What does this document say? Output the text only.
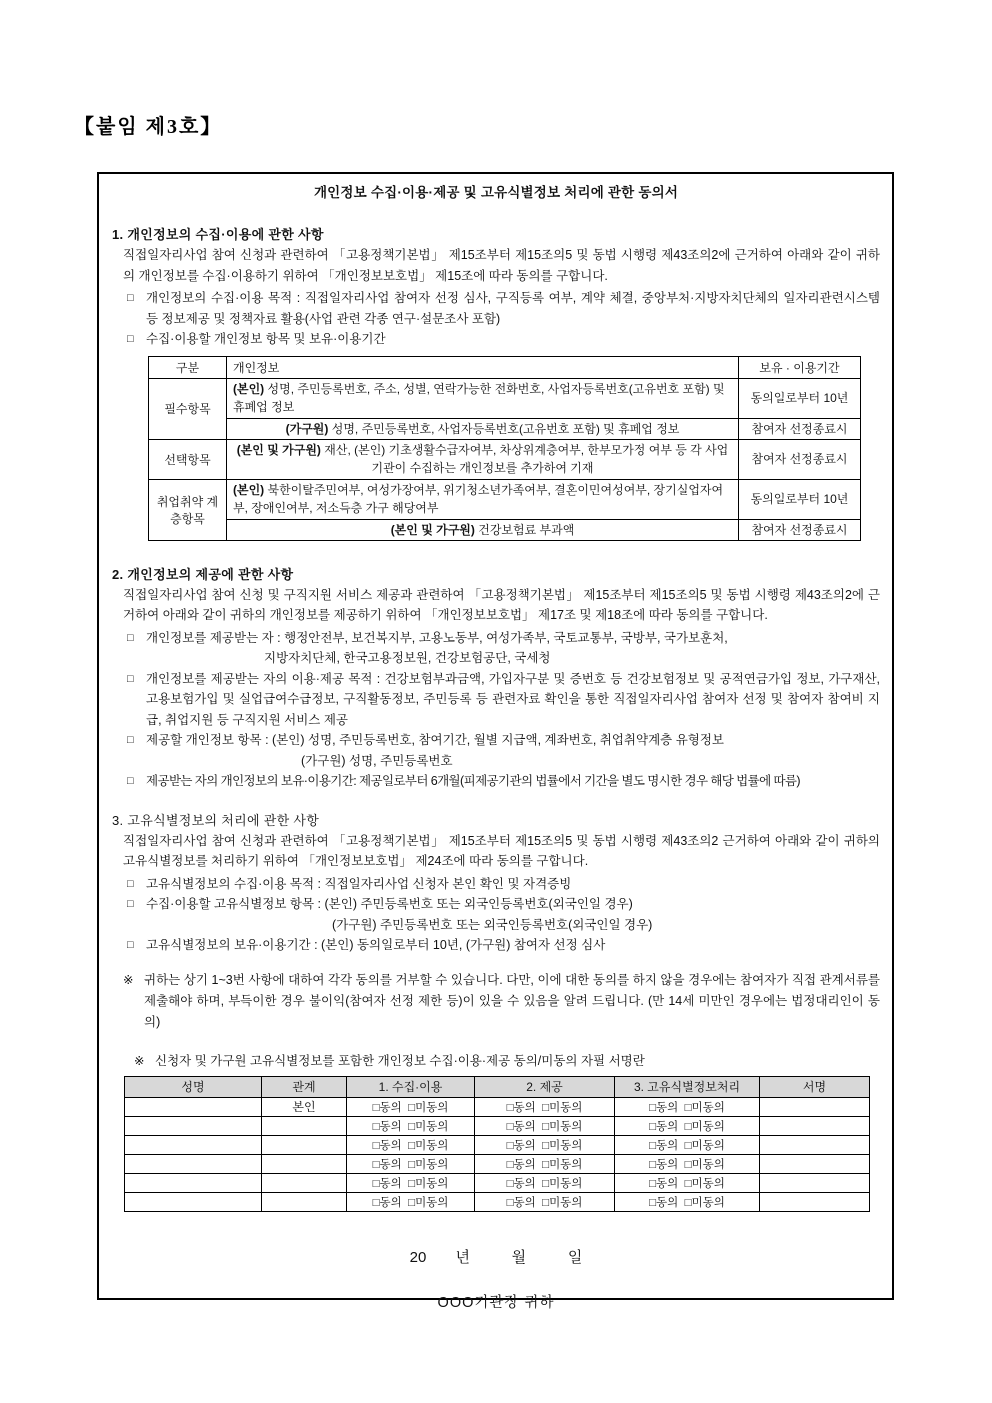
【붙임 제3호】
개인정보 수집·이용·제공 및 고유식별정보 처리에 관한 동의서
1. 개인정보의 수집·이용에 관한 사항
직접일자리사업 참여 신청과 관련하여 「고용정책기본법」 제15조부터 제15조의5 및 동법 시행령 제43조의2에 근거하여 아래와 같이 귀하의 개인정보를 수집·이용하기 위하여 「개인정보보호법」 제15조에 따라 동의를 구합니다.
□ 개인정보의 수집·이용 목적 : 직접일자리사업 참여자 선정 심사, 구직등록 여부, 계약 체결, 중앙부처·지방자치단체의 일자리관련시스템 등 정보제공 및 정책자료 활용(사업 관련 각종 연구·설문조사 포함)
□ 수집·이용할 개인정보 항목 및 보유·이용기간
구분	개인정보	보유 · 이용기간
필수항목	(본인) 성명, 주민등록번호, 주소, 성별, 연락가능한 전화번호, 사업자등록번호(고유번호 포함) 및 휴폐업 정보	동의일로부터 10년
	(가구원) 성명, 주민등록번호, 사업자등록번호(고유번호 포함) 및 휴페업 정보	참여자 선정종료시
선택항목	(본인 및 가구원) 재산, (본인) 기초생활수급자여부, 차상위계층여부, 한부모가정 여부 등 각 사업기관이 수집하는 개인정보를 추가하여 기재	참여자 선정종료시
취업취약 계층항목	(본인) 북한이탈주민여부, 여성가장여부, 위기청소년가족여부, 결혼이민여성여부, 장기실업자여부, 장애인여부, 저소득층 가구 해당여부	동의일로부터 10년
	(본인 및 가구원) 건강보험료 부과액	참여자 선정종료시
2. 개인정보의 제공에 관한 사항
직접일자리사업 참여 신청 및 구직지원 서비스 제공과 관련하여 「고용정책기본법」 제15조부터 제15조의5 및 동법 시행령 제43조의2에 근거하여 아래와 같이 귀하의 개인정보를 제공하기 위하여 「개인정보보호법」 제17조 및 제18조에 따라 동의를 구합니다.
□ 개인정보를 제공받는 자 : 행정안전부, 보건복지부, 고용노동부, 여성가족부, 국토교통부, 국방부, 국가보훈처,
지방자치단체, 한국고용정보원, 건강보험공단, 국세청
□ 개인정보를 제공받는 자의 이용·제공 목적 : 건강보험부과금액, 가입자구분 및 증번호 등 건강보험정보 및 공적연금가입 정보, 가구재산, 고용보험가입 및 실업급여수급정보, 구직활동정보, 주민등록 등 관련자료 확인을 통한 직접일자리사업 참여자 선정 및 참여자 참여비 지급, 취업지원 등 구직지원 서비스 제공
□ 제공할 개인정보 항목 : (본인) 성명, 주민등록번호, 참여기간, 월별 지급액, 계좌번호, 취업취약계층 유형정보
(가구원) 성명, 주민등록번호
□ 제공받는 자의 개인정보의 보유·이용기간: 제공일로부터 6개월(피제공기관의 법률에서 기간을 별도 명시한 경우 해당 법률에 따름)
3. 고유식별정보의 처리에 관한 사항
직접일자리사업 참여 신청과 관련하여 「고용정책기본법」 제15조부터 제15조의5 및 동법 시행령 제43조의2 근거하여 아래와 같이 귀하의 고유식별정보를 처리하기 위하여 「개인정보보호법」 제24조에 따라 동의를 구합니다.
□ 고유식별정보의 수집·이용 목적 : 직접일자리사업 신청자 본인 확인 및 자격증빙
□ 수집·이용할 고유식별정보 항목 : (본인) 주민등록번호 또는 외국인등록번호(외국인일 경우)
(가구원) 주민등록번호 또는 외국인등록번호(외국인일 경우)
□ 고유식별정보의 보유·이용기간 : (본인) 동의일로부터 10년, (가구원) 참여자 선정 심사
※ 귀하는 상기 1~3번 사항에 대하여 각각 동의를 거부할 수 있습니다. 다만, 이에 대한 동의를 하지 않을 경우에는 참여자가 직접 관계서류를 제출해야 하며, 부득이한 경우 불이익(참여자 선정 제한 등)이 있을 수 있음을 알려 드립니다. (만 14세 미만인 경우에는 법정대리인이 동의)
※ 신청자 및 가구원 고유식별정보를 포함한 개인정보 수집·이용·제공 동의/미동의 자필 서명란
성명	관계	1. 수집·이용	2. 제공	3. 고유식별정보처리	서명
	본인	□동의  □미동의	□동의  □미동의	□동의  □미동의	
		□동의  □미동의	□동의  □미동의	□동의  □미동의	
		□동의  □미동의	□동의  □미동의	□동의  □미동의	
		□동의  □미동의	□동의  □미동의	□동의  □미동의	
		□동의  □미동의	□동의  □미동의	□동의  □미동의	
		□동의  □미동의	□동의  □미동의	□동의  □미동의	
20       년          월          일
OOO기관장 귀하
